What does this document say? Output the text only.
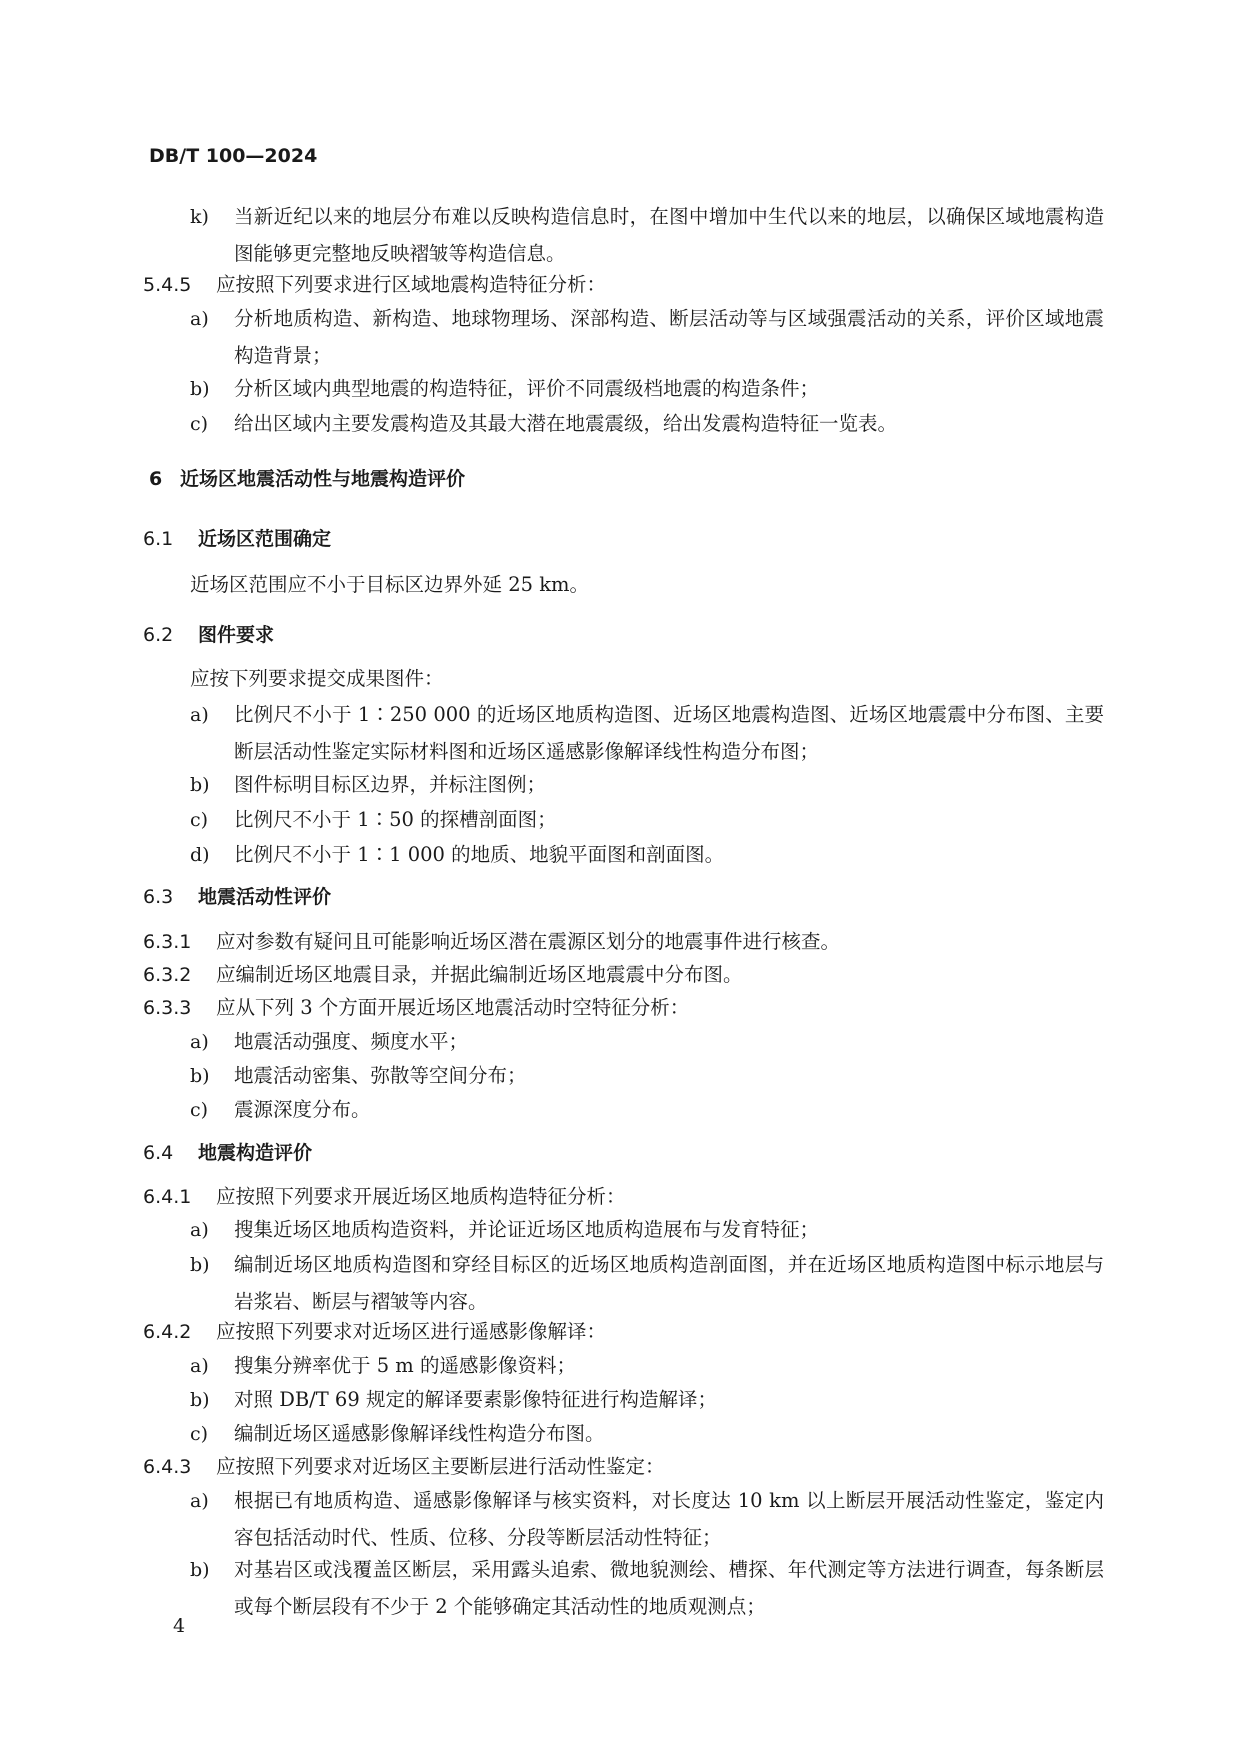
DB/T 100—2024
k)	当新近纪以来的地层分布难以反映构造信息时，在图中增加中生代以来的地层，以确保区域地震构造图能够更完整地反映褶皱等构造信息。
5.4.5 应按照下列要求进行区域地震构造特征分析：
a)	分析地质构造、新构造、地球物理场、深部构造、断层活动等与区域强震活动的关系，评价区域地震构造背景；
b)	分析区域内典型地震的构造特征，评价不同震级档地震的构造条件；
c)	给出区域内主要发震构造及其最大潜在地震震级，给出发震构造特征一览表。
6 近场区地震活动性与地震构造评价
6.1 近场区范围确定
近场区范围应不小于目标区边界外延 25 km。
6.2 图件要求
应按下列要求提交成果图件：
a)	比例尺不小于 1∶250 000 的近场区地质构造图、近场区地震构造图、近场区地震震中分布图、主要断层活动性鉴定实际材料图和近场区遥感影像解译线性构造分布图；
b)	图件标明目标区边界，并标注图例；
c)	比例尺不小于 1∶50 的探槽剖面图；
d)	比例尺不小于 1∶1 000 的地质、地貌平面图和剖面图。
6.3 地震活动性评价
6.3.1 应对参数有疑问且可能影响近场区潜在震源区划分的地震事件进行核查。
6.3.2 应编制近场区地震目录，并据此编制近场区地震震中分布图。
6.3.3 应从下列 3 个方面开展近场区地震活动时空特征分析：
a)	地震活动强度、频度水平；
b)	地震活动密集、弥散等空间分布；
c)	震源深度分布。
6.4 地震构造评价
6.4.1 应按照下列要求开展近场区地质构造特征分析：
a)	搜集近场区地质构造资料，并论证近场区地质构造展布与发育特征；
b)	编制近场区地质构造图和穿经目标区的近场区地质构造剖面图，并在近场区地质构造图中标示地层与岩浆岩、断层与褶皱等内容。
6.4.2 应按照下列要求对近场区进行遥感影像解译：
a)	搜集分辨率优于 5 m 的遥感影像资料；
b)	对照 DB/T 69 规定的解译要素影像特征进行构造解译；
c)	编制近场区遥感影像解译线性构造分布图。
6.4.3 应按照下列要求对近场区主要断层进行活动性鉴定：
a)	根据已有地质构造、遥感影像解译与核实资料，对长度达 10 km 以上断层开展活动性鉴定，鉴定内容包括活动时代、性质、位移、分段等断层活动性特征；
b)	对基岩区或浅覆盖区断层，采用露头追索、微地貌测绘、槽探、年代测定等方法进行调查，每条断层或每个断层段有不少于 2 个能够确定其活动性的地质观测点；
4
